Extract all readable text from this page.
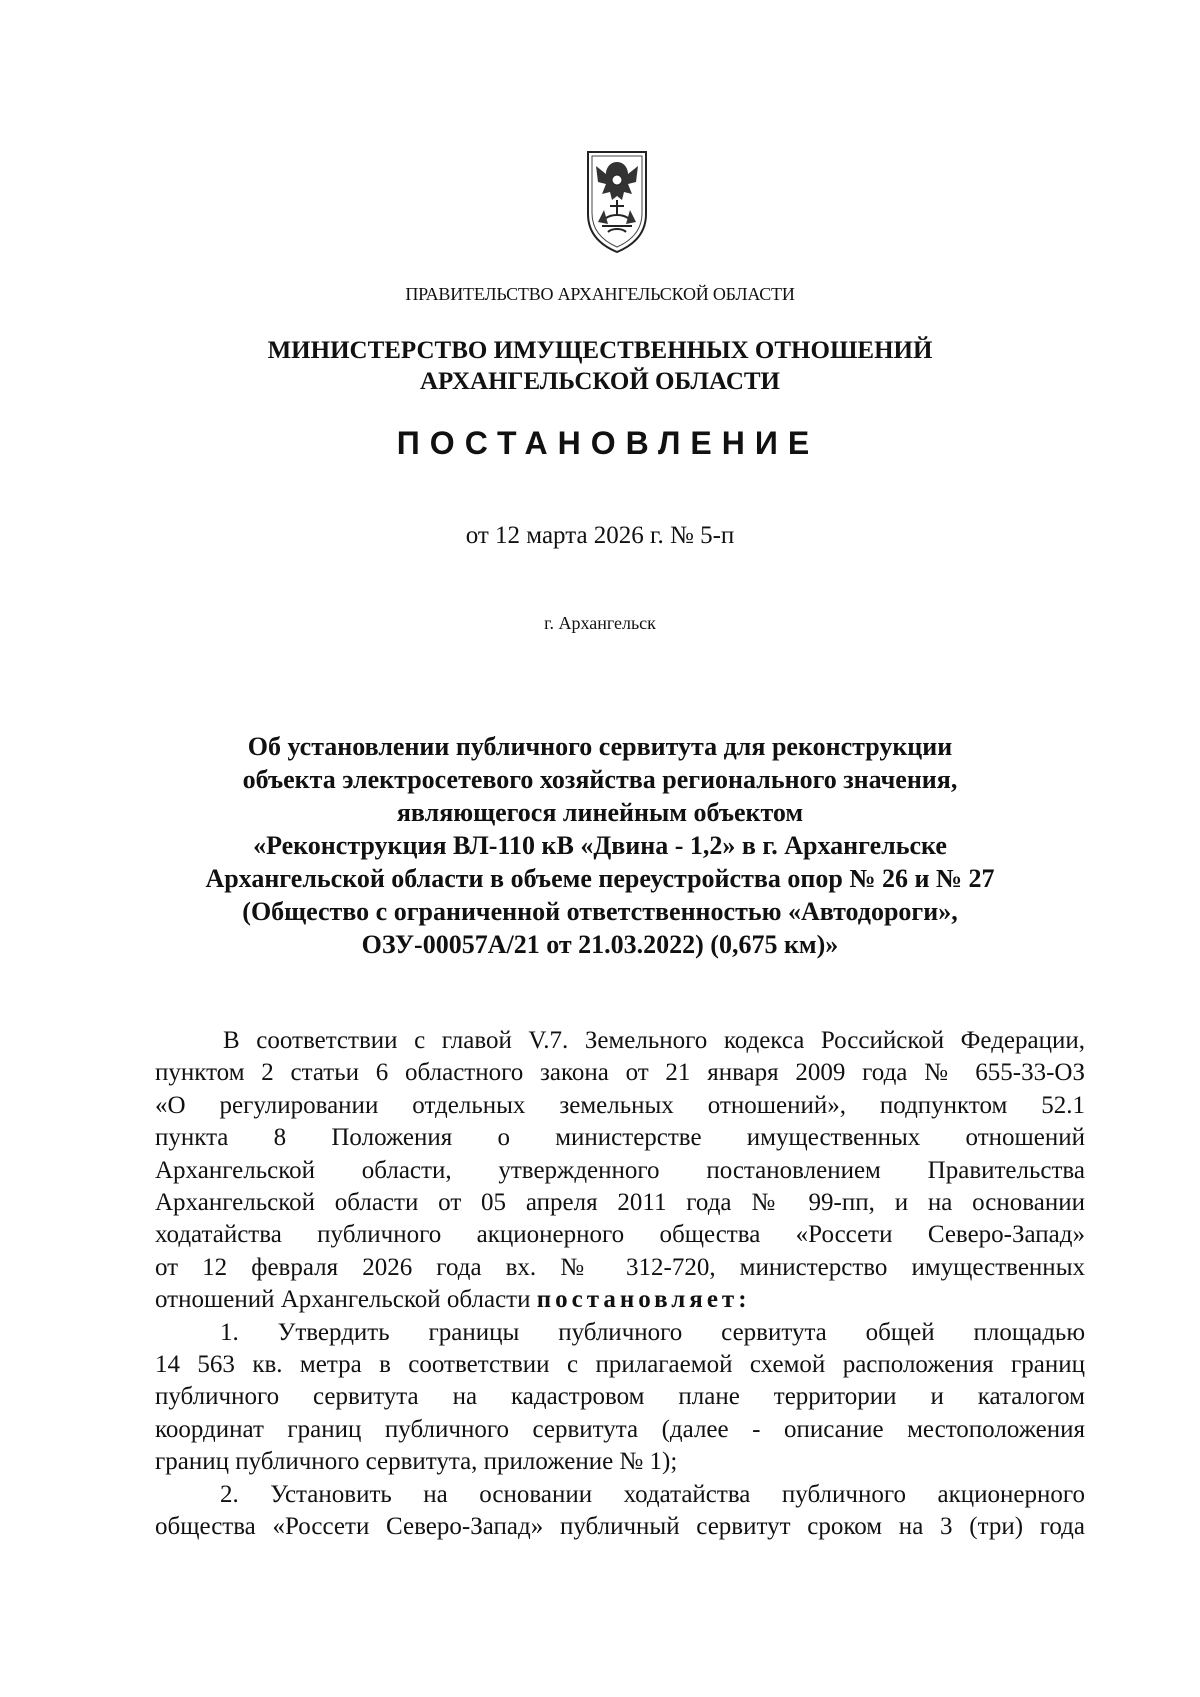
ПРАВИТЕЛЬСТВО АРХАНГЕЛЬСКОЙ ОБЛАСТИ
МИНИСТЕРСТВО ИМУЩЕСТВЕННЫХ ОТНОШЕНИЙ
АРХАНГЕЛЬСКОЙ ОБЛАСТИ
ПОСТАНОВЛЕНИЕ
от 12 марта 2026 г. № 5-п
г. Архангельск
Об установлении публичного сервитута для реконструкции
объекта электросетевого хозяйства регионального значения,
являющегося линейным объектом
«Реконструкция ВЛ-110 кВ «Двина - 1,2» в г. Архангельске
Архангельской области в объеме переустройства опор № 26 и № 27
(Общество с ограниченной ответственностью «Автодороги»,
ОЗУ-00057А/21 от 21.03.2022) (0,675 км)»
В соответствии с главой V.7. Земельного кодекса Российской Федерации,
пунктом 2 статьи 6 областного закона от 21 января 2009 года № 655-33-ОЗ
«О регулировании отдельных земельных отношений», подпунктом 52.1
пункта 8 Положения о министерстве имущественных отношений
Архангельской области, утвержденного постановлением Правительства
Архангельской области от 05 апреля 2011 года № 99-пп, и на основании
ходатайства публичного акционерного общества «Россети Северо-Запад»
от 12 февраля 2026 года вх. № 312-720, министерство имущественных
отношений Архангельской области постановляет:
1. Утвердить границы публичного сервитута общей площадью
14 563 кв. метра в соответствии с прилагаемой схемой расположения границ
публичного сервитута на кадастровом плане территории и каталогом
координат границ публичного сервитута (далее - описание местоположения
границ публичного сервитута, приложение № 1);
2. Установить на основании ходатайства публичного акционерного
общества «Россети Северо-Запад» публичный сервитут сроком на 3 (три) года
